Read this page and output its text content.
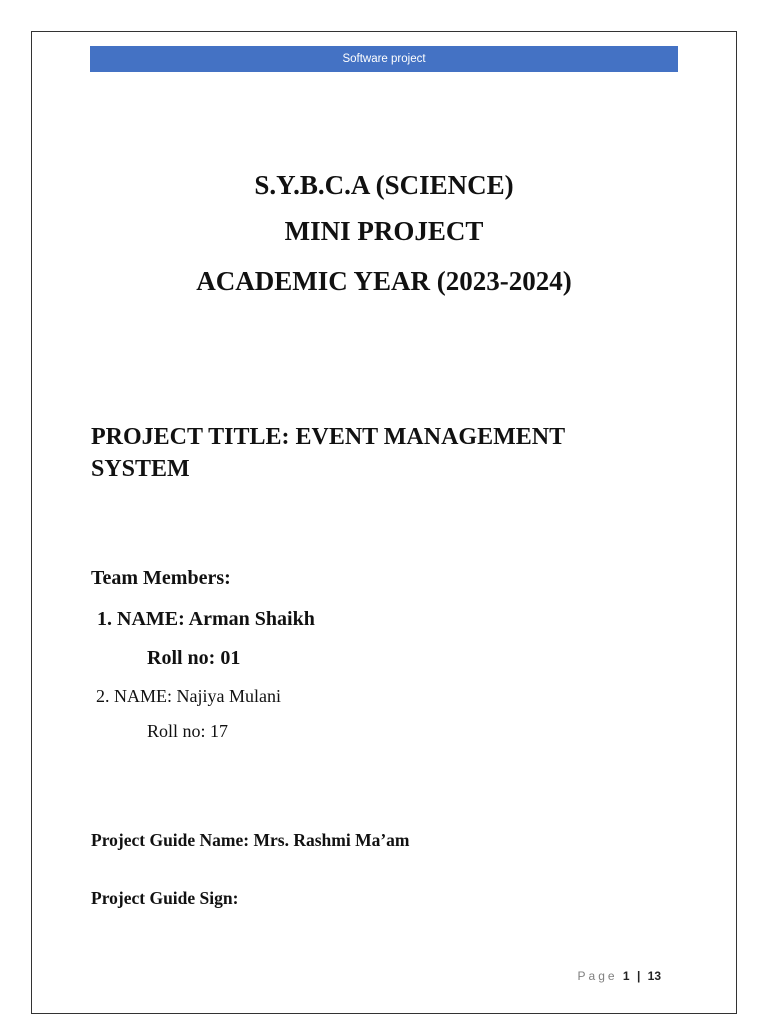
Software project
S.Y.B.C.A (SCIENCE)
MINI PROJECT
ACADEMIC YEAR (2023-2024)
PROJECT TITLE: EVENT MANAGEMENT SYSTEM
Team Members:
1. NAME: Arman Shaikh
Roll no: 01
2. NAME: Najiya Mulani
Roll no: 17
Project Guide Name: Mrs. Rashmi Ma’am
Project Guide Sign:
Page 1 | 13
